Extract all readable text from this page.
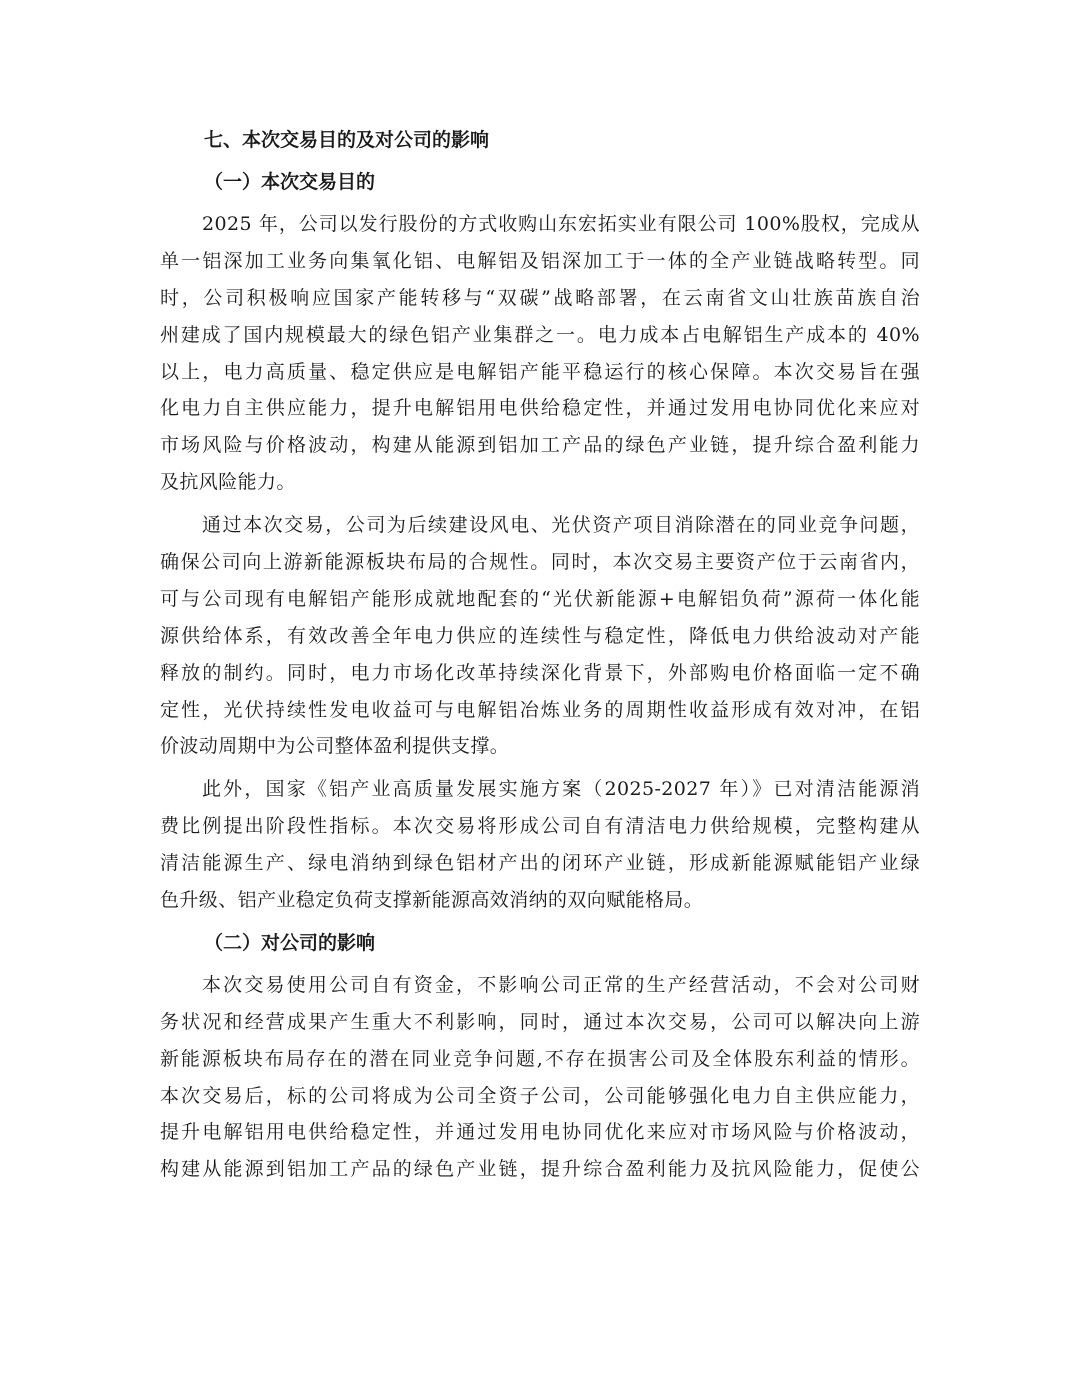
七、本次交易目的及对公司的影响
（一）本次交易目的
2025 年，公司以发行股份的方式收购山东宏拓实业有限公司 100%股权，完成从
单一铝深加工业务向集氧化铝、电解铝及铝深加工于一体的全产业链战略转型。同
时，公司积极响应国家产能转移与“双碳”战略部署，在云南省文山壮族苗族自治
州建成了国内规模最大的绿色铝产业集群之一。电力成本占电解铝生产成本的 40%
以上，电力高质量、稳定供应是电解铝产能平稳运行的核心保障。本次交易旨在强
化电力自主供应能力，提升电解铝用电供给稳定性，并通过发用电协同优化来应对
市场风险与价格波动，构建从能源到铝加工产品的绿色产业链，提升综合盈利能力
及抗风险能力。
通过本次交易，公司为后续建设风电、光伏资产项目消除潜在的同业竞争问题，
确保公司向上游新能源板块布局的合规性。同时，本次交易主要资产位于云南省内，
可与公司现有电解铝产能形成就地配套的“光伏新能源+电解铝负荷”源荷一体化能
源供给体系，有效改善全年电力供应的连续性与稳定性，降低电力供给波动对产能
释放的制约。同时，电力市场化改革持续深化背景下，外部购电价格面临一定不确
定性，光伏持续性发电收益可与电解铝冶炼业务的周期性收益形成有效对冲，在铝
价波动周期中为公司整体盈利提供支撑。
此外，国家《铝产业高质量发展实施方案（2025-2027 年）》已对清洁能源消
费比例提出阶段性指标。本次交易将形成公司自有清洁电力供给规模，完整构建从
清洁能源生产、绿电消纳到绿色铝材产出的闭环产业链，形成新能源赋能铝产业绿
色升级、铝产业稳定负荷支撑新能源高效消纳的双向赋能格局。
（二）对公司的影响
本次交易使用公司自有资金，不影响公司正常的生产经营活动，不会对公司财
务状况和经营成果产生重大不利影响，同时，通过本次交易，公司可以解决向上游
新能源板块布局存在的潜在同业竞争问题,不存在损害公司及全体股东利益的情形。
本次交易后，标的公司将成为公司全资子公司，公司能够强化电力自主供应能力，
提升电解铝用电供给稳定性，并通过发用电协同优化来应对市场风险与价格波动，
构建从能源到铝加工产品的绿色产业链，提升综合盈利能力及抗风险能力，促使公
